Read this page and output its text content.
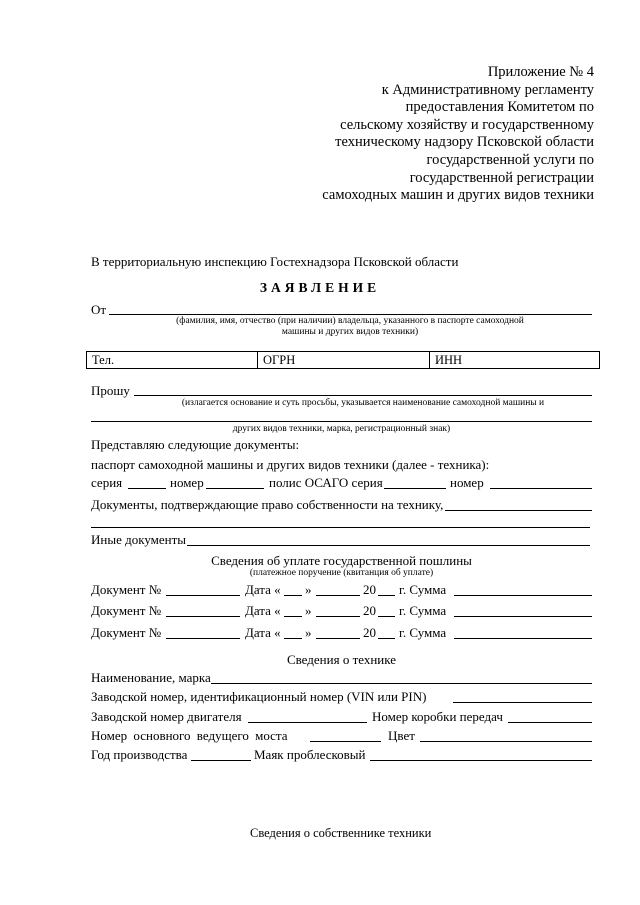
Приложение № 4
к Административному регламенту
предоставления Комитетом по
сельскому хозяйству и государственному
техническому надзору Псковской области
государственной услуги по
государственной регистрации
самоходных машин и других видов техники
В территориальную инспекцию Гостехнадзора Псковской области
ЗАЯВЛЕНИЕ
От
(фамилия, имя, отчество (при наличии) владельца, указанного в паспорте самоходной
машины и других видов техники)
Тел.	ОГРН	ИНН
Прошу
(излагается основание и суть просьбы, указывается наименование самоходной машины и
других видов техники, марка, регистрационный знак)
Представляю следующие документы:
паспорт самоходной машины и других видов техники (далее - техника):
серия	номер	полис ОСАГО серия	номер
Документы, подтверждающие право собственности на технику,
Иные документы
Сведения об уплате государственной пошлины
(платежное поручение (квитанция об уплате)
Документ №	Дата « »	20 г. Сумма
Документ №	Дата « »	20 г. Сумма
Документ №	Дата « »	20 г. Сумма
Сведения о технике
Наименование, марка
Заводской номер, идентификационный номер (VIN или PIN)
Заводской номер двигателя	Номер коробки передач
Номер основного ведущего моста	Цвет
Год производства	Маяк проблесковый
Сведения о собственнике техники
